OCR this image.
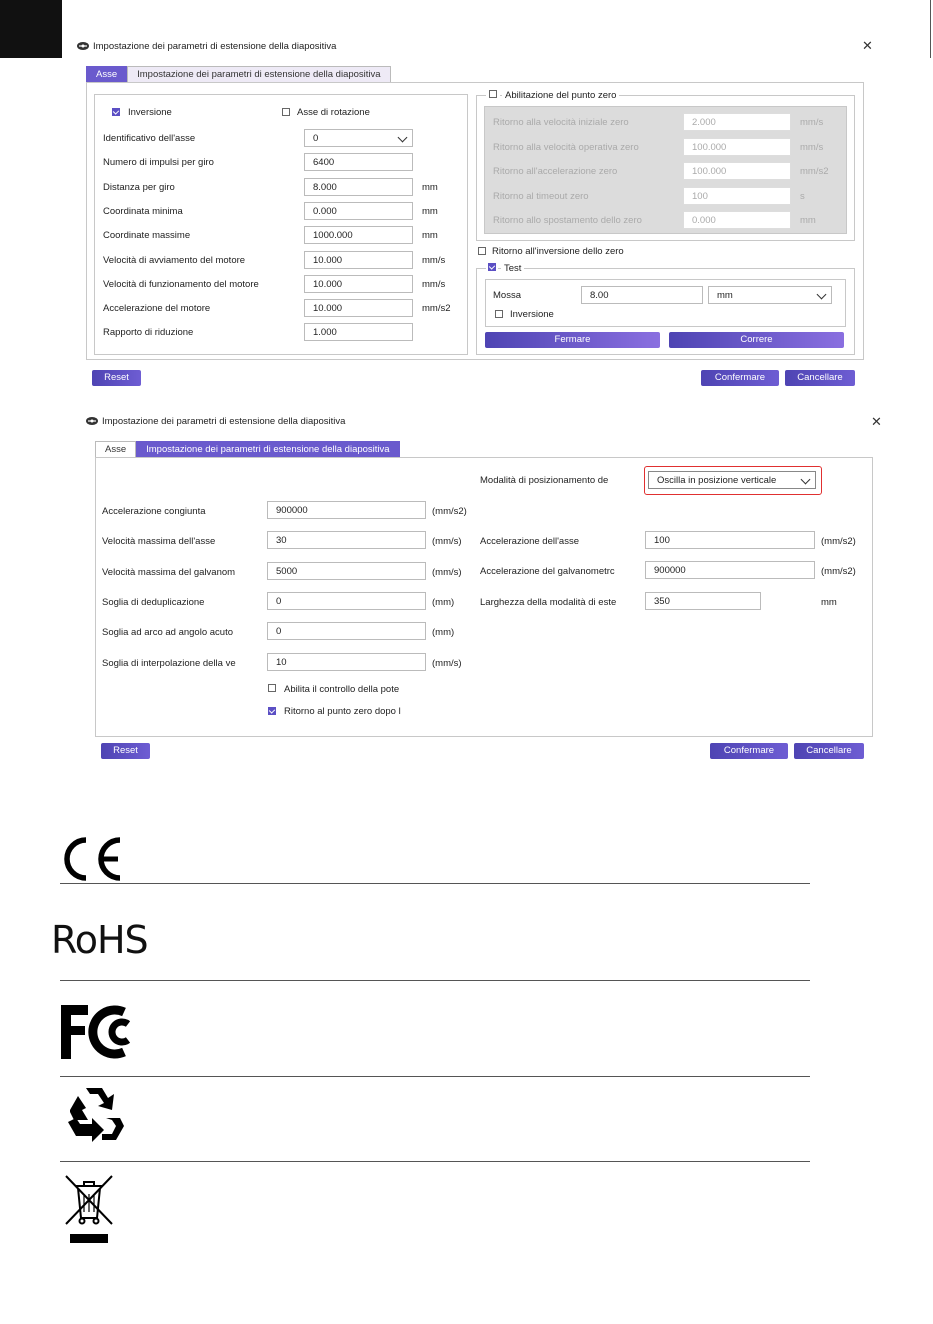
Impostazione dei parametri di estensione della diapositiva	✕
Asse	Impostazione dei parametri di estensione della diapositiva
Inversione	Asse di rotazione
Identificativo dell'asse	0
Numero di impulsi per giro	6400
Distanza per giro	8.000	mm
Coordinata minima	0.000	mm
Coordinate massime	1000.000	mm
Velocità di avviamento del motore	10.000	mm/s
Velocità di funzionamento del motore	10.000	mm/s
Accelerazione del motore	10.000	mm/s2
Rapporto di riduzione	1.000
Abilitazione del punto zero
Ritorno alla velocità iniziale zero	2.000	mm/s
Ritorno alla velocità operativa zero	100.000	mm/s
Ritorno all'accelerazione zero	100.000	mm/s2
Ritorno al timeout zero	100	s
Ritorno allo spostamento dello zero	0.000	mm
Ritorno all'inversione dello zero
Test
Mossa	8.00	mm
Inversione
Fermare	Correre
Reset	Confermare	Cancellare
Impostazione dei parametri di estensione della diapositiva	✕
Asse	Impostazione dei parametri di estensione della diapositiva
Modalità di posizionamento de	Oscilla in posizione verticale
Accelerazione congiunta	900000	(mm/s2)
Velocità massima dell'asse	30	(mm/s)
Velocità massima del galvanom	5000	(mm/s)
Soglia di deduplicazione	0	(mm)
Soglia ad arco ad angolo acuto	0	(mm)
Soglia di interpolazione della ve	10	(mm/s)
Accelerazione dell'asse	100	(mm/s2)
Accelerazione del galvanometrc	900000	(mm/s2)
Larghezza della modalità di este	350	mm
Abilita il controllo della pote
Ritorno al punto zero dopo l
Reset	Confermare	Cancellare
RoHS
